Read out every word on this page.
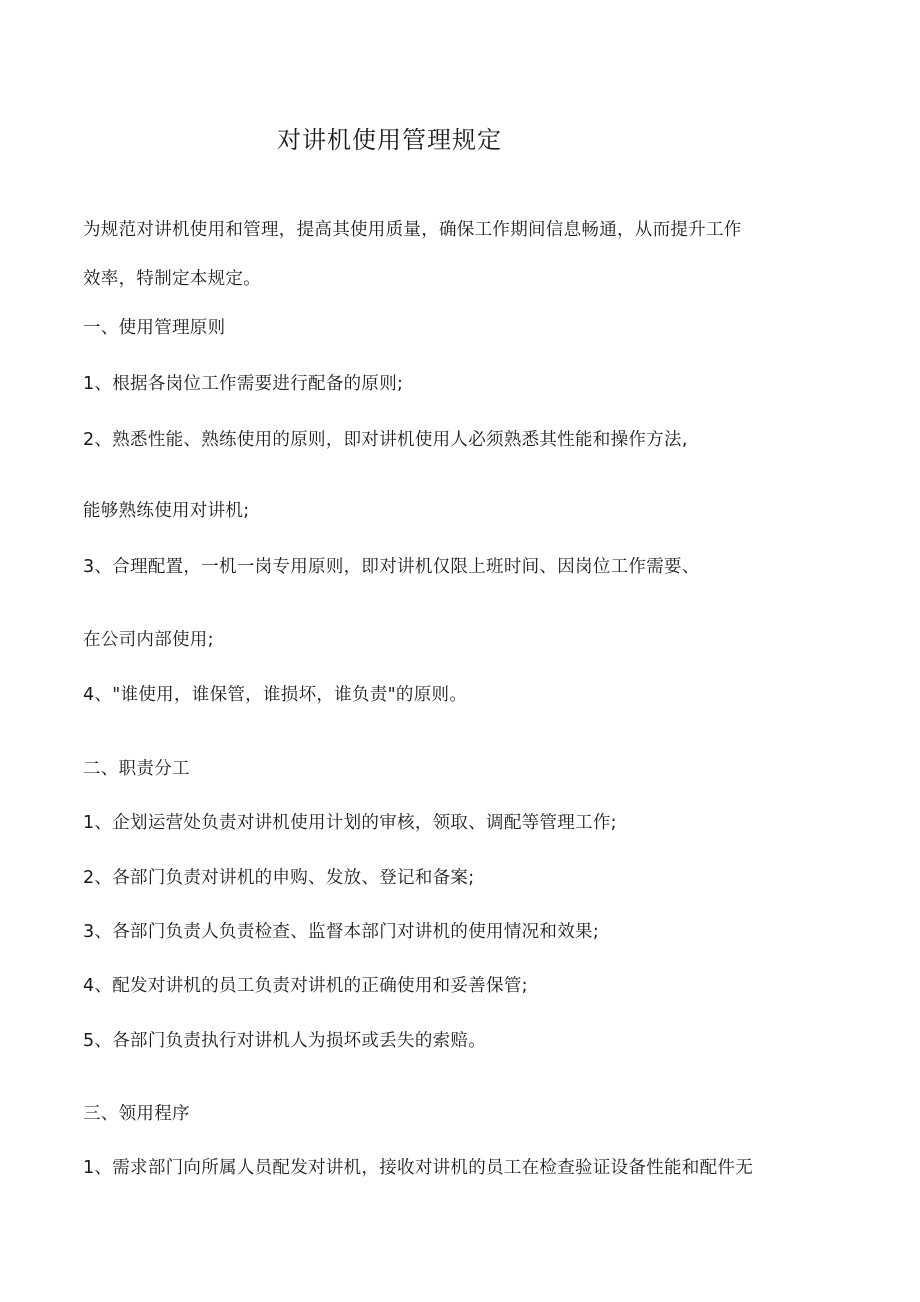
对讲机使用管理规定
为规范对讲机使用和管理，提高其使用质量，确保工作期间信息畅通，从而提升工作
效率，特制定本规定。
一、使用管理原则
1、根据各岗位工作需要进行配备的原则;
2、熟悉性能、熟练使用的原则，即对讲机使用人必须熟悉其性能和操作方法,
能够熟练使用对讲机;
3、合理配置，一机一岗专用原则，即对讲机仅限上班时间、因岗位工作需要、
在公司内部使用;
4、"谁使用，谁保管，谁损坏，谁负责"的原则。
二、职责分工
1、企划运营处负责对讲机使用计划的审核，领取、调配等管理工作;
2、各部门负责对讲机的申购、发放、登记和备案;
3、各部门负责人负责检查、监督本部门对讲机的使用情况和效果;
4、配发对讲机的员工负责对讲机的正确使用和妥善保管;
5、各部门负责执行对讲机人为损坏或丢失的索赔。
三、领用程序
1、需求部门向所属人员配发对讲机，接收对讲机的员工在检查验证设备性能和配件无
